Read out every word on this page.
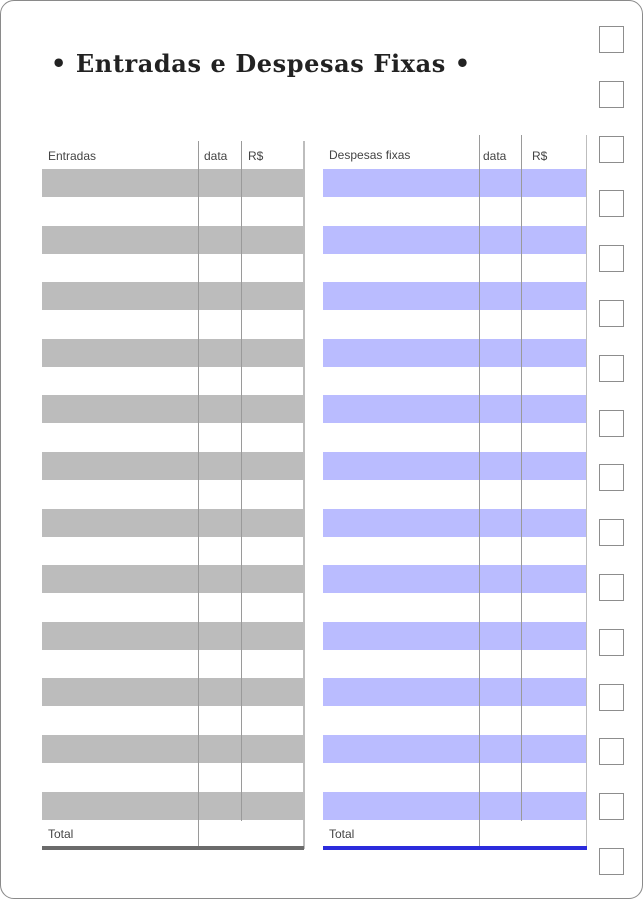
• Entradas e Despesas Fixas •
Entradas	data R$
Total
Despesas fixas	data R$
Total
